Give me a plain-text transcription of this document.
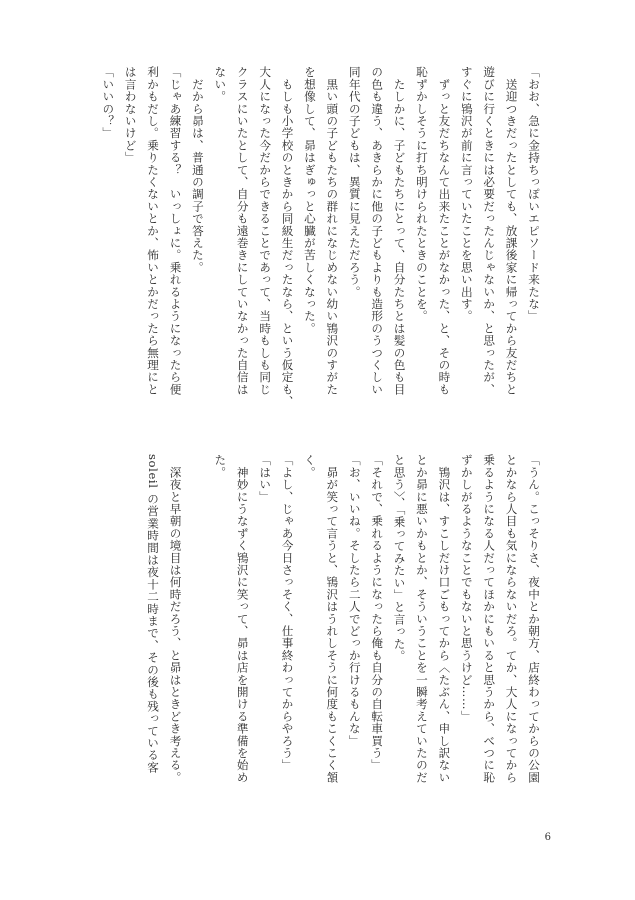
「おお、急に金持ちっぽいエピソード来たな」

　送迎つきだったとしても、放課後家に帰ってから友だちと

遊びに行くときには必要だったんじゃないか、と思ったが、

すぐに鴇沢が前に言っていたことを思い出す。

　ずっと友だちなんて出来たことがなかった、と、その時も

恥ずかしそうに打ち明けられたときのことを。

　たしかに、子どもたちにとって、自分たちとは髪の色も目

の色も違う、あきらかに他の子どもよりも造形のうつくしい

同年代の子どもは、異質に見えただろう。

　黒い頭の子どもたちの群れになじめない幼い鴇沢のすがた

を想像して、昴はぎゅっと心臓が苦しくなった。

　もしも小学校のときから同級生だったなら、という仮定も、

大人になった今だからできることであって、当時もしも同じ

クラスにいたとして、自分も遠巻きにしていなかった自信は

ない。

　だから昴は、普通の調子で答えた。

「じゃあ練習する？　いっしょに。乗れるようになったら便

利かもだし。乗りたくないとか、怖いとかだったら無理にと

は言わないけど」

「いいの？」

「うん。こっそりさ、夜中とか朝方、店終わってからの公園

とかなら人目も気にならないだろ。てか、大人になってから

乗るようになる人だってほかにもいると思うから、べつに恥

ずかしがるようなことでもないと思うけど……」

　鴇沢は、すこしだけ口ごもってから〈たぶん、申し訳ない

とか昴に悪いかもとか、そういうことを一瞬考えていたのだ

と思う〉、「乗ってみたい」と言った。

「それで、乗れるようになったら俺も自分の自転車買う」

「お、いいね。そしたら二人でどっか行けるもんな」

　昴が笑って言うと、鴇沢はうれしそうに何度もこくこく頷

く。

「よし、じゃあ今日さっそく、仕事終わってからやろう」

「はい」

　神妙にうなずく鴇沢に笑って、昴は店を開ける準備を始め

た。

　深夜と早朝の境目は何時だろう、と昴はときどき考える。

soleil の営業時間は夜十二時まで、その後も残っている客

6
